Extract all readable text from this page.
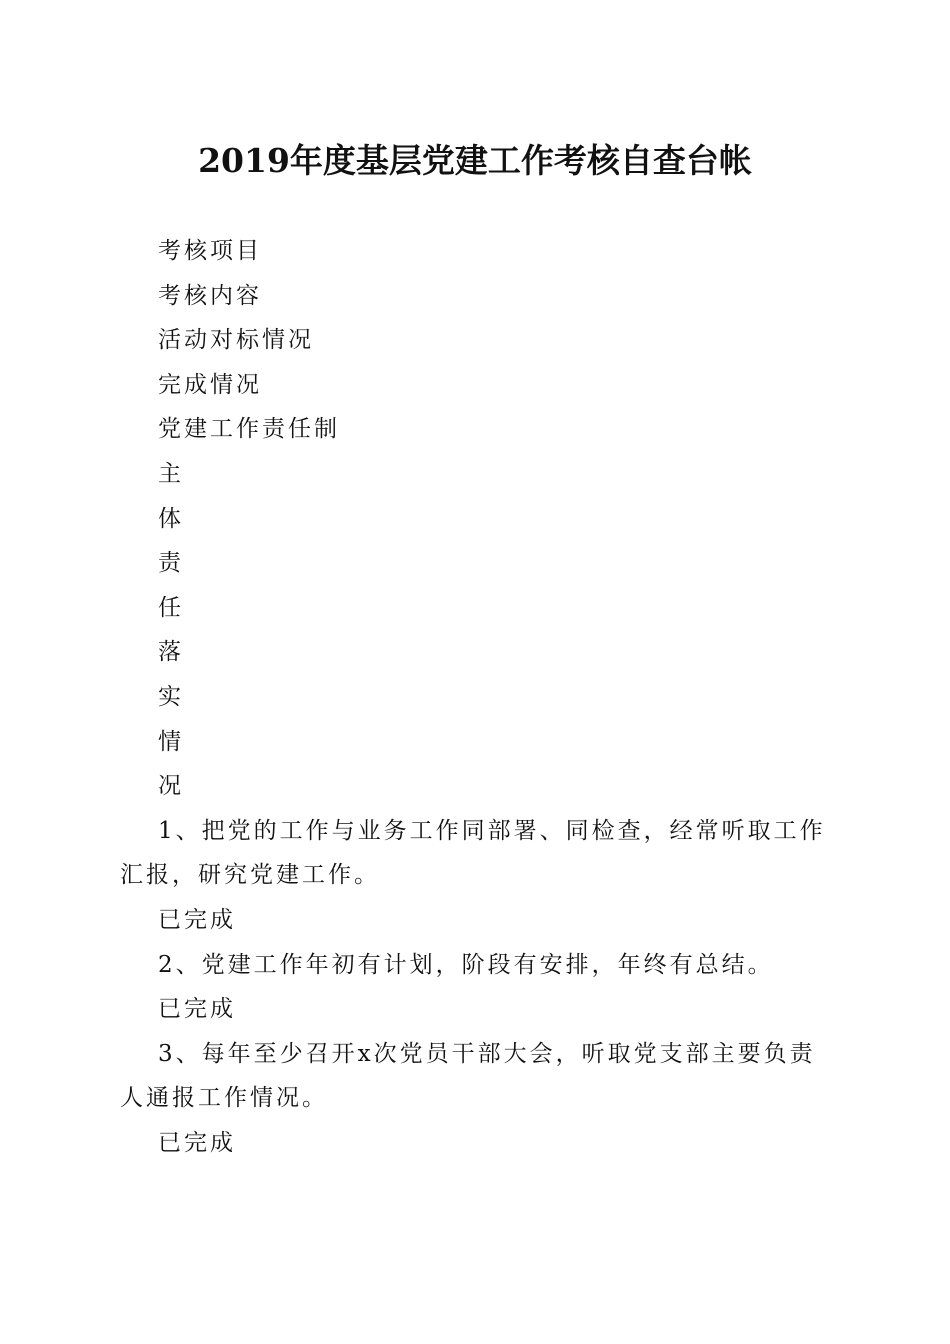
2019年度基层党建工作考核自查台帐

考核项目

考核内容

活动对标情况

完成情况

党建工作责任制

主

体

责

任

落

实

情

况

1、把党的工作与业务工作同部署、同检查，经常听取工作汇报，研究党建工作。

已完成

2、党建工作年初有计划，阶段有安排，年终有总结。

已完成

3、每年至少召开x次党员干部大会，听取党支部主要负责人通报工作情况。

已完成
